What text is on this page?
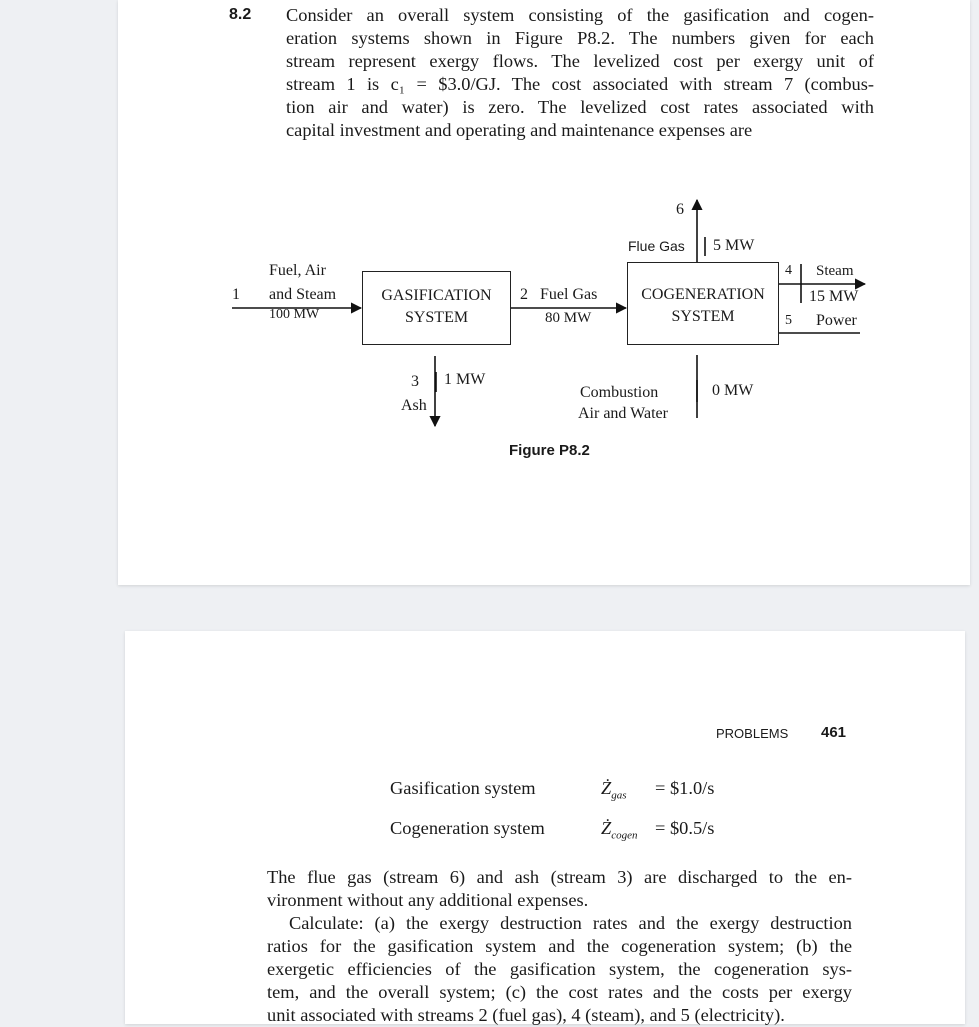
8.2 Consider an overall system consisting of the gasification and cogen-
eration systems shown in Figure P8.2. The numbers given for each
stream represent exergy flows. The levelized cost per exergy unit of
stream 1 is c₁ = $3.0/GJ. The cost associated with stream 7 (combus-
tion air and water) is zero. The levelized cost rates associated with
capital investment and operating and maintenance expenses are
GASIFICATION
SYSTEM
COGENERATION
SYSTEM
1
Fuel, Air
and Steam
100 MW
2 Fuel Gas
80 MW
3
Ash
1 MW
6
Flue Gas 5 MW
4 Steam
15 MW
5 Power
Combustion
Air and Water
0 MW
Figure P8.2
PROBLEMS 461
Gasification system	$Ż_{gas}$ = $1.0/s
Cogeneration system	$Ż_{cogen}$ = $0.5/s
The flue gas (stream 6) and ash (stream 3) are discharged to the en-
vironment without any additional expenses.
Calculate: (a) the exergy destruction rates and the exergy destruction
ratios for the gasification system and the cogeneration system; (b) the
exergetic efficiencies of the gasification system, the cogeneration sys-
tem, and the overall system; (c) the cost rates and the costs per exergy
unit associated with streams 2 (fuel gas), 4 (steam), and 5 (electricity).
